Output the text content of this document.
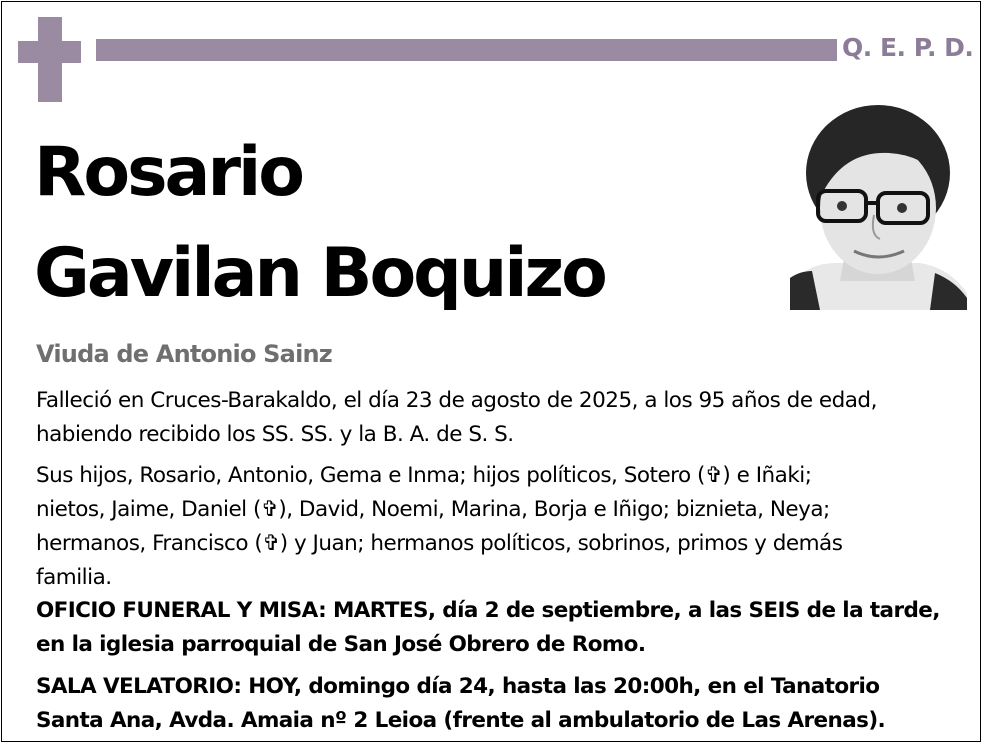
Q. E. P. D.
Rosario
Gavilan Boquizo
Viuda de Antonio Sainz
Falleció en Cruces-Barakaldo, el día 23 de agosto de 2025, a los 95 años de edad,
habiendo recibido los SS. SS. y la B. A. de S. S.
Sus hijos, Rosario, Antonio, Gema e Inma; hijos políticos, Sotero (✞) e Iñaki;
nietos, Jaime, Daniel (✞), David, Noemi, Marina, Borja e Iñigo; biznieta, Neya;
hermanos, Francisco (✞) y Juan; hermanos políticos, sobrinos, primos y demás
familia.
OFICIO FUNERAL Y MISA: MARTES, día 2 de septiembre, a las SEIS de la tarde,
en la iglesia parroquial de San José Obrero de Romo.
SALA VELATORIO: HOY, domingo día 24, hasta las 20:00h, en el Tanatorio
Santa Ana, Avda. Amaia nº 2 Leioa (frente al ambulatorio de Las Arenas).
